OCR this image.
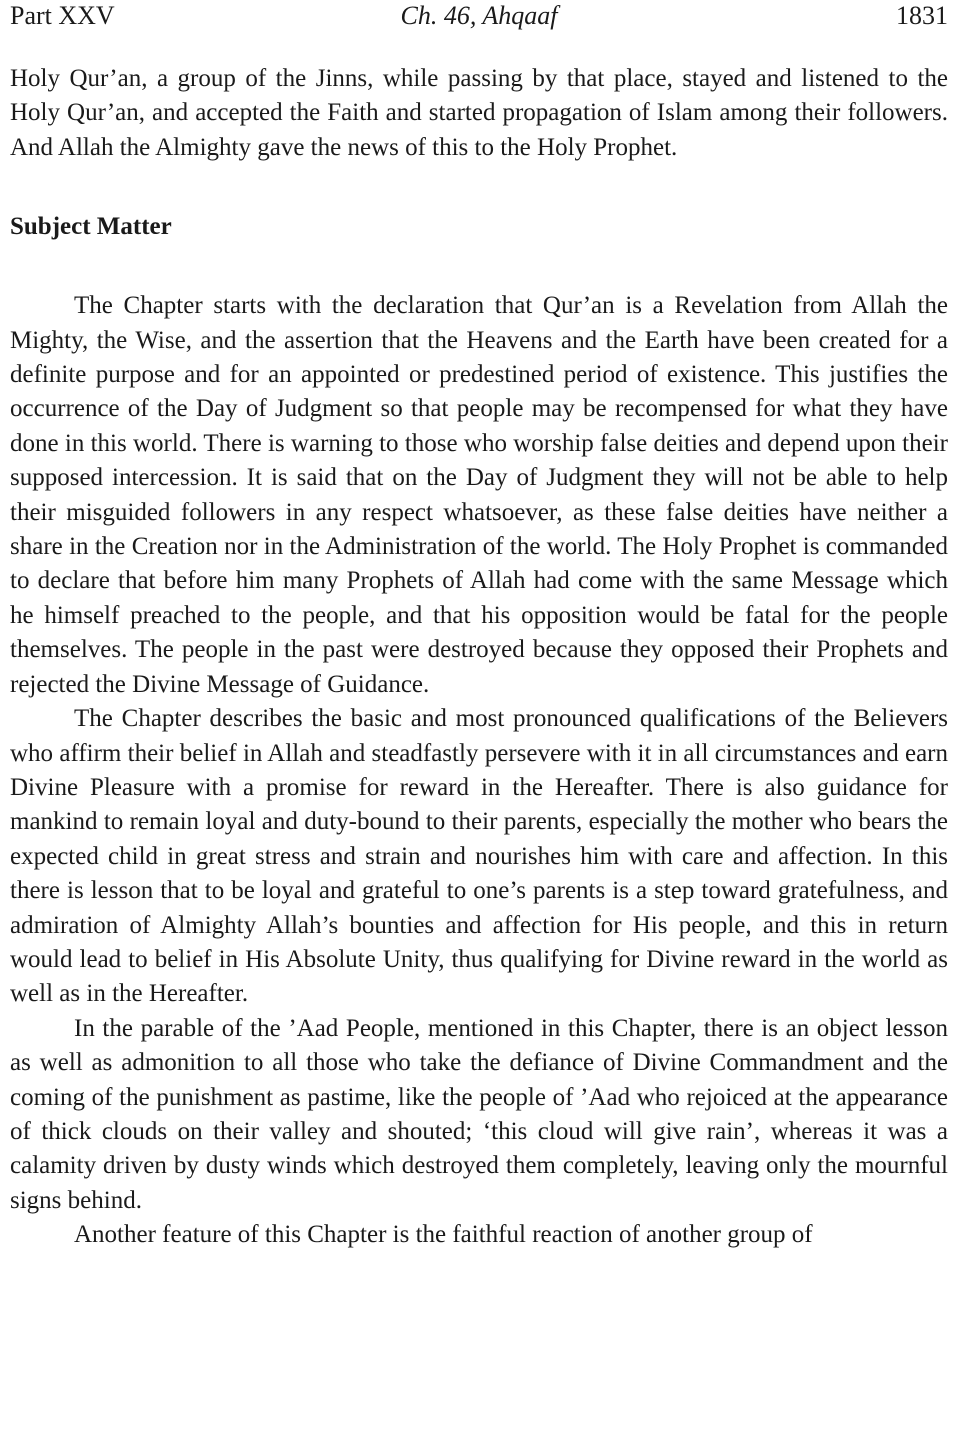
Part XXV	Ch. 46, Ahqaaf	1831

Holy Qur’an, a group of the Jinns, while passing by that place, stayed and listened to the Holy Qur’an, and accepted the Faith and started propagation of Islam among their followers. And Allah the Almighty gave the news of this to the Holy Prophet.

Subject Matter

The Chapter starts with the declaration that Qur’an is a Revelation from Allah the Mighty, the Wise, and the assertion that the Heavens and the Earth have been created for a definite purpose and for an appointed or predestined period of existence. This justifies the occurrence of the Day of Judgment so that people may be recompensed for what they have done in this world. There is warning to those who worship false deities and depend upon their supposed intercession. It is said that on the Day of Judgment they will not be able to help their misguided followers in any respect whatsoever, as these false deities have neither a share in the Creation nor in the Administration of the world. The Holy Prophet is commanded to declare that before him many Prophets of Allah had come with the same Message which he himself preached to the people, and that his opposition would be fatal for the people themselves. The people in the past were destroyed because they opposed their Prophets and rejected the Divine Message of Guidance.

The Chapter describes the basic and most pronounced qualifications of the Believers who affirm their belief in Allah and steadfastly persevere with it in all circumstances and earn Divine Pleasure with a promise for reward in the Hereafter. There is also guidance for mankind to remain loyal and duty-bound to their parents, especially the mother who bears the expected child in great stress and strain and nourishes him with care and affection. In this there is lesson that to be loyal and grateful to one’s parents is a step toward gratefulness, and admiration of Almighty Allah’s bounties and affection for His people, and this in return would lead to belief in His Absolute Unity, thus qualifying for Divine reward in the world as well as in the Hereafter.

In the parable of the ’Aad People, mentioned in this Chapter, there is an object lesson as well as admonition to all those who take the defiance of Divine Commandment and the coming of the punishment as pastime, like the people of ’Aad who rejoiced at the appearance of thick clouds on their valley and shouted; ‘this cloud will give rain’, whereas it was a calamity driven by dusty winds which destroyed them completely, leaving only the mournful signs behind.

Another feature of this Chapter is the faithful reaction of another group of
